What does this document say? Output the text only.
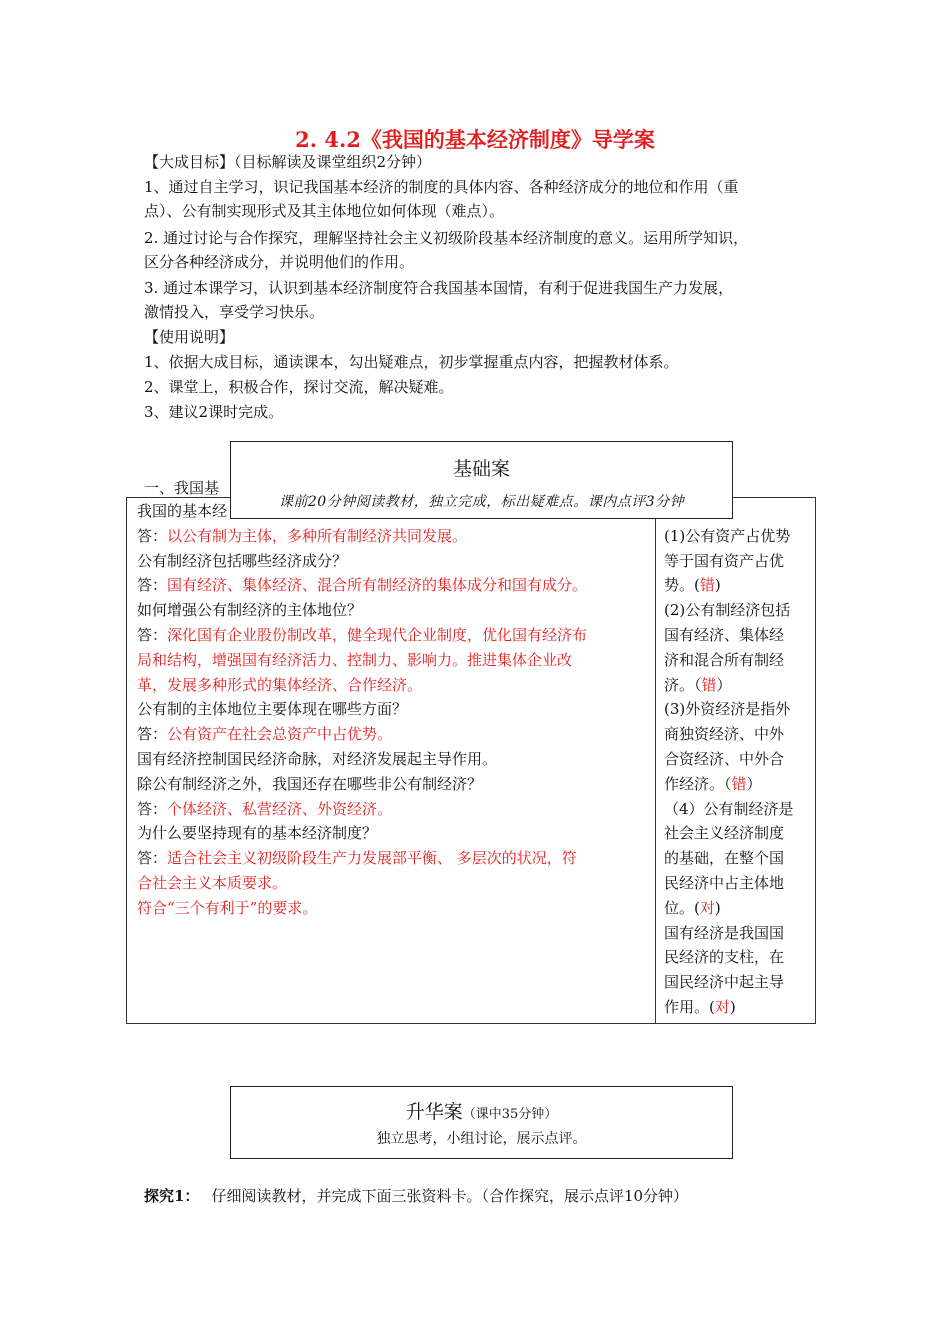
2. 4.2《我国的基本经济制度》导学案
【大成目标】（目标解读及课堂组织2分钟）
1、通过自主学习，识记我国基本经济的制度的具体内容、各种经济成分的地位和作用（重
点）、公有制实现形式及其主体地位如何体现（难点）。
2. 通过讨论与合作探究，理解坚持社会主义初级阶段基本经济制度的意义。运用所学知识，
区分各种经济成分，并说明他们的作用。
3. 通过本课学习，认识到基本经济制度符合我国基本国情，有利于促进我国生产力发展，
激情投入，享受学习快乐。
【使用说明】
1、依据大成目标，通读课本，勾出疑难点，初步掌握重点内容，把握教材体系。
2、课堂上，积极合作，探讨交流，解决疑难。
3、建议2课时完成。
一、我国基
基础案
课前20分钟阅读教材，独立完成，标出疑难点。课内点评3分钟
我国的基本经
答：以公有制为主体，多种所有制经济共同发展。
公有制经济包括哪些经济成分？
答：国有经济、集体经济、混合所有制经济的集体成分和国有成分。
如何增强公有制经济的主体地位？
答：深化国有企业股份制改革，健全现代企业制度，优化国有经济布
局和结构，增强国有经济活力、控制力、影响力。推进集体企业改
革，发展多种形式的集体经济、合作经济。
公有制的主体地位主要体现在哪些方面？
答：公有资产在社会总资产中占优势。
国有经济控制国民经济命脉，对经济发展起主导作用。
除公有制经济之外，我国还存在哪些非公有制经济？
答：个体经济、私营经济、外资经济。
为什么要坚持现有的基本经济制度？
答：适合社会主义初级阶段生产力发展部平衡、 多层次的状况，符
合社会主义本质要求。
符合“三个有利于”的要求。
(1)公有资产占优势
等于国有资产占优
势。(错)
(2)公有制经济包括
国有经济、集体经
济和混合所有制经
济。（错）
(3)外资经济是指外
商独资经济、中外
合资经济、中外合
作经济。（错）
（4）公有制经济是
社会主义经济制度
的基础，在整个国
民经济中占主体地
位。(对)
国有经济是我国国
民经济的支柱，在
国民经济中起主导
作用。(对)
升华案（课中35分钟）
独立思考，小组讨论，展示点评。
探究1： 仔细阅读教材，并完成下面三张资料卡。（合作探究，展示点评10分钟）
